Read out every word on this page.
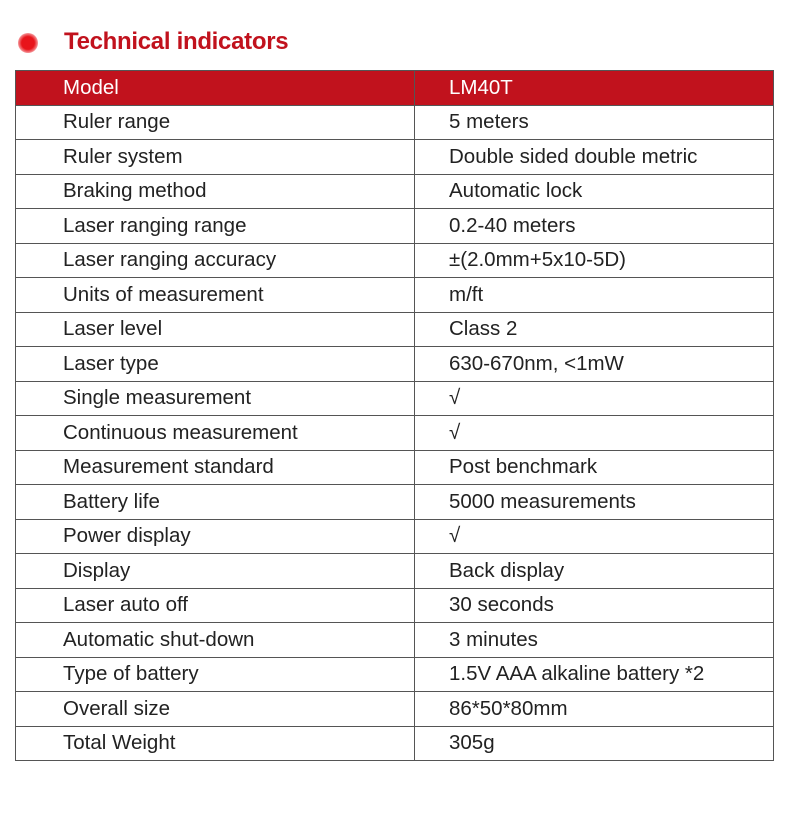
Technical indicators
Model	LM40T
Ruler range	5 meters
Ruler system	Double sided double metric
Braking method	Automatic lock
Laser ranging range	0.2-40 meters
Laser ranging accuracy	±(2.0mm+5x10-5D)
Units of measurement	m/ft
Laser level	Class 2
Laser type	630-670nm, <1mW
Single measurement	√
Continuous measurement	√
Measurement standard	Post benchmark
Battery life	5000 measurements
Power display	√
Display	Back display
Laser auto off	30 seconds
Automatic shut-down	3 minutes
Type of battery	1.5V AAA alkaline battery *2
Overall size	86*50*80mm
Total Weight	305g
